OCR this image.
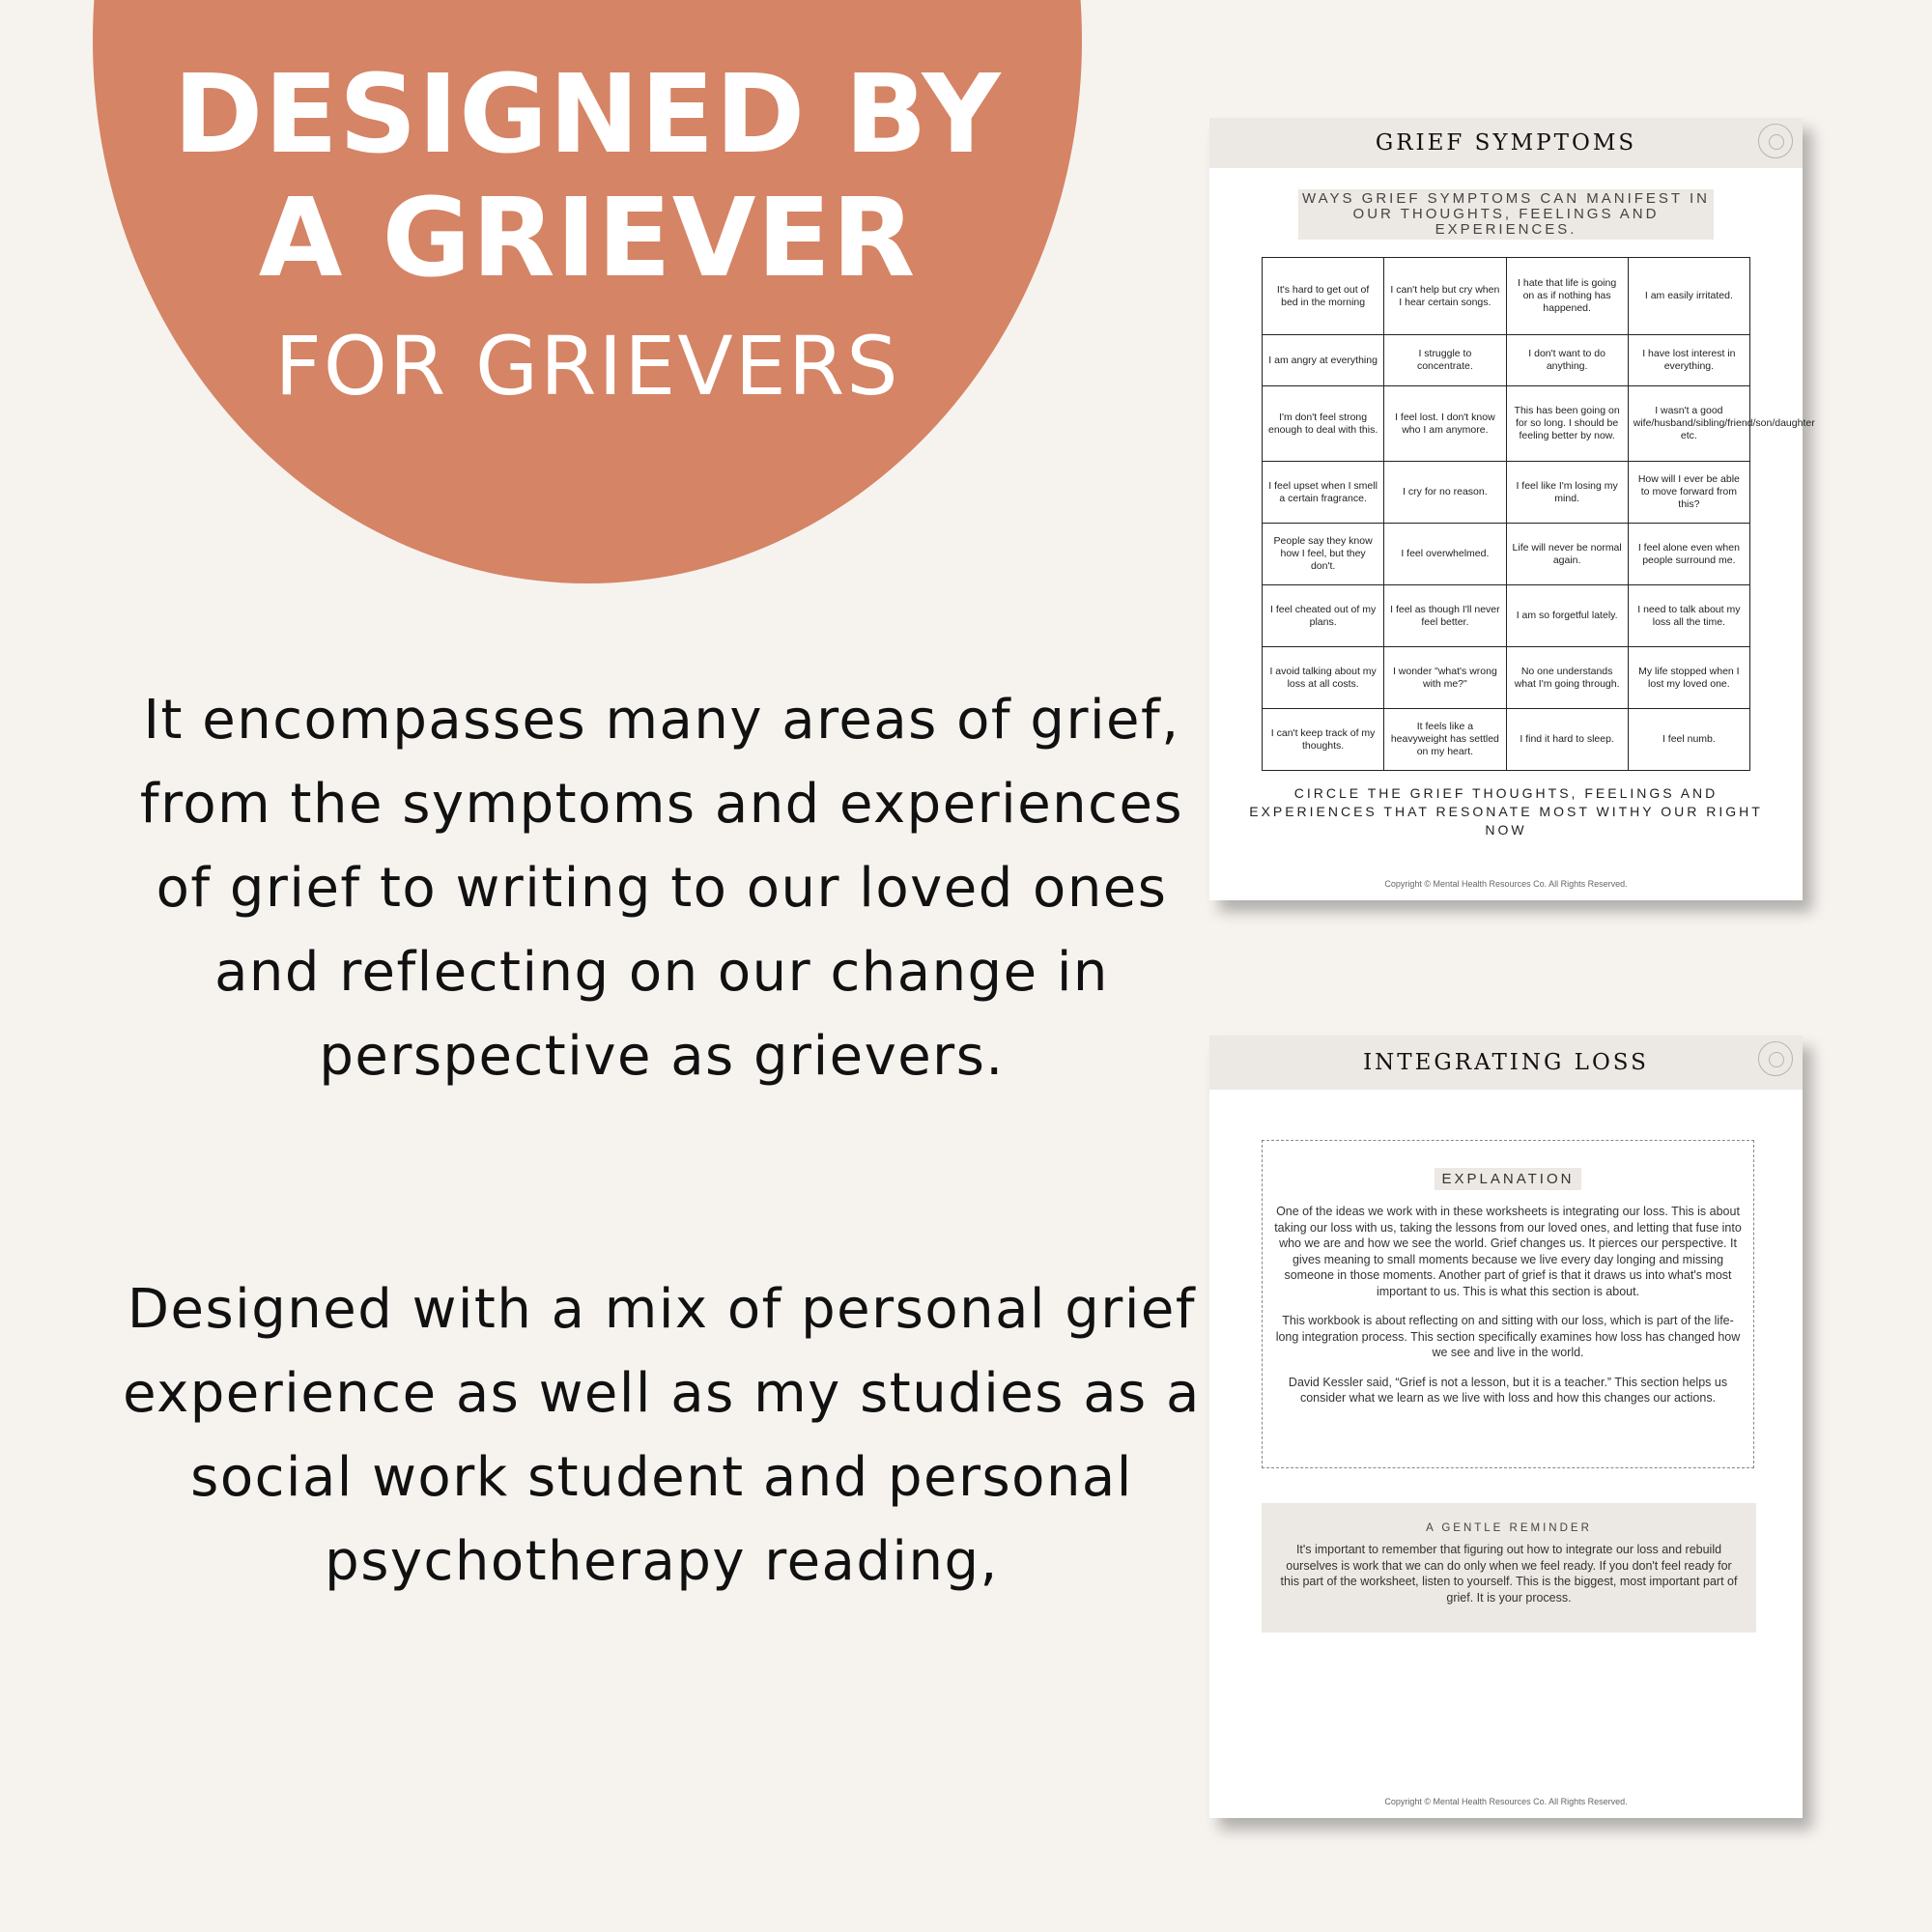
DESIGNED BY
A GRIEVER
FOR GRIEVERS
It encompasses many areas of grief, from the symptoms and experiences of grief to writing to our loved ones and reflecting on our change in perspective as grievers.
Designed with a mix of personal grief experience as well as my studies as a social work student and personal psychotherapy reading,
GRIEF SYMPTOMS
WAYS GRIEF SYMPTOMS CAN MANIFEST IN OUR THOUGHTS, FEELINGS AND EXPERIENCES.
It's hard to get out of bed in the morning	I can't help but cry when I hear certain songs.	I hate that life is going on as if nothing has happened.	I am easily irritated.
I am angry at everything	I struggle to concentrate.	I don't want to do anything.	I have lost interest in everything.
I'm don't feel strong enough to deal with this.	I feel lost. I don't know who I am anymore.	This has been going on for so long. I should be feeling better by now.	I wasn't a good wife/husband/sibling/friend/son/daughter etc.
I feel upset when I smell a certain fragrance.	I cry for no reason.	I feel like I'm losing my mind.	How will I ever be able to move forward from this?
People say they know how I feel, but they don't.	I feel overwhelmed.	Life will never be normal again.	I feel alone even when people surround me.
I feel cheated out of my plans.	I feel as though I'll never feel better.	I am so forgetful lately.	I need to talk about my loss all the time.
I avoid talking about my loss at all costs.	I wonder "what's wrong with me?"	No one understands what I'm going through.	My life stopped when I lost my loved one.
I can't keep track of my thoughts.	It feels like a heavyweight has settled on my heart.	I find it hard to sleep.	I feel numb.
CIRCLE THE GRIEF THOUGHTS, FEELINGS AND EXPERIENCES THAT RESONATE MOST WITHY OUR RIGHT NOW
Copyright © Mental Health Resources Co. All Rights Reserved.
INTEGRATING LOSS
EXPLANATION
One of the ideas we work with in these worksheets is integrating our loss. This is about taking our loss with us, taking the lessons from our loved ones, and letting that fuse into who we are and how we see the world. Grief changes us. It pierces our perspective. It gives meaning to small moments because we live every day longing and missing someone in those moments. Another part of grief is that it draws us into what's most important to us. This is what this section is about.
This workbook is about reflecting on and sitting with our loss, which is part of the life-long integration process. This section specifically examines how loss has changed how we see and live in the world.
David Kessler said, “Grief is not a lesson, but it is a teacher.” This section helps us consider what we learn as we live with loss and how this changes our actions.
A GENTLE REMINDER
It's important to remember that figuring out how to integrate our loss and rebuild ourselves is work that we can do only when we feel ready. If you don't feel ready for this part of the worksheet, listen to yourself. This is the biggest, most important part of grief. It is your process.
Copyright © Mental Health Resources Co. All Rights Reserved.
